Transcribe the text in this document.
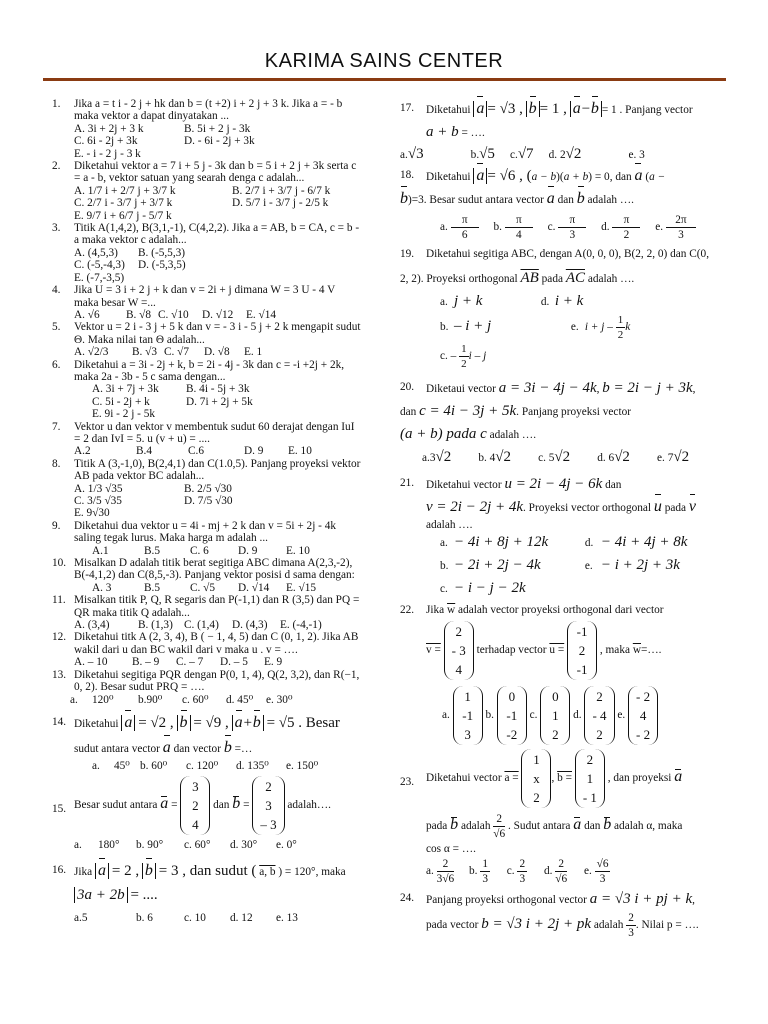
KARIMA SAINS CENTER
1. Jika a = t i - 2 j + hk dan b = (t +2) i + 2 j + 3 k. Jika a = - b
maka vektor a dapat dinyatakan ...
A. 3i + 2j + 3 k	B. 5i + 2 j - 3k
C. 6i - 2j + 3k	D. - 6i - 2j + 3k
E. - i - 2 j - 3 k
2. Diketahui vektor a = 7 i + 5 j - 3k dan b = 5 i + 2 j + 3k serta c
= a - b, vektor satuan yang searah denga c adalah...
A. 1/7 i + 2/7 j + 3/7 k	B. 2/7 i + 3/7 j - 6/7 k
C. 2/7 i - 3/7 j + 3/7 k	D. 5/7 i - 3/7 j - 2/5 k
E. 9/7 i + 6/7 j - 5/7 k
3. Titik A(1,4,2), B(3,1,-1), C(4,2,2). Jika a = AB, b = CA, c = b -
a maka vektor c adalah...
A. (4,5,3) B. (-5,5,3)
C. (-5,-4,3) D. (-5,3,5)
E. (-7,-3,5)
4. Jika U = 3 i + 2 j + k dan v = 2i + j dimana W = 3 U - 4 V
maka besar W =...
A. √6 B. √8 C. √10 D. √12 E. √14
5. Vektor u = 2 i - 3 j + 5 k dan v = - 3 i - 5 j + 2 k mengapit sudut
Θ. Maka nilai tan Θ adalah...
A. √2/3 B. √3 C. √7 D. √8 E. 1
6. Diketahui a = 3i - 2j + k, b = 2i - 4j - 3k dan c = -i +2j + 2k,
maka 2a - 3b - 5 c sama dengan...
A. 3i + 7j + 3k B. 4i - 5j + 3k
C. 5i - 2j + k	D. 7i + 2j + 5k
E. 9i - 2 j - 5k
7. Vektor u dan vektor v membentuk sudut 60 derajat dengan IuI
= 2 dan IvI = 5. u (v + u) = ....
A.2	B.4	C.6	D. 9 E. 10
8. Titik A (3,-1,0), B(2,4,1) dan C(1.0,5). Panjang proyeksi vektor
AB pada vektor BC adalah...
A. 1/3 √35	B. 2/5 √30
C. 3/5 √35	D. 7/5 √30
E. 9√30
9. Diketahui dua vektor u = 4i - mj + 2 k dan v = 5i + 2j - 4k
saling tegak lurus. Maka harga m adalah ...
A.1	B.5	C. 6	D. 9	E. 10
10. Misalkan D adalah titik berat segitiga ABC dimana A(2,3,-2),
B(-4,1,2) dan C(8,5,-3). Panjang vektor posisi d sama dengan:
A. 3	B.5	C. √5 D. √14 E. √15
11. Misalkan titik P, Q, R segaris dan P(-1,1) dan R (3,5) dan PQ =
QR maka titik Q adalah...
A. (3,4)	B. (1,3) C. (1,4) D. (4,3) E. (-4,-1)
12. Diketahui titk A (2, 3, 4), B ( − 1, 4, 5) dan C (0, 1, 2). Jika AB
wakil dari u dan BC wakil dari v maka u . v = ….
A. – 10 B. – 9 C. – 7 D. – 5 E. 9
13. Diketahui segitiga PQR dengan P(0, 1, 4), Q(2, 3,2), dan R(−1,
0, 2). Besar sudut PRQ = ….
a. 120⁰ b.90⁰ c. 60⁰ d. 45⁰ e. 30⁰
14. Diketahui a = √2 , b = √9 , a+b = √5 . Besar
sudut antara vector a dan vector b =…
a. 45⁰ b. 60⁰ c. 120⁰ d. 135⁰ e. 150⁰
15. Besar sudut antara a =
3
2
4
dan b =
2
3
– 3
adalah….
a. 180° b. 90° c. 60° d. 30° e. 0°
16. Jika a = 2 , b = 3 , dan sudut ( a, b ) = 120°, maka
3a + 2b = ....
a.5	b. 6	c. 10 d. 12 e. 13
17. Diketahui a = √3 , b = 1 , a−b = 1 . Panjang vector
a + b = ….
a.√3	b.√5 c.√7 d. 2√2	e. 3
18. Diketahui a = √6 , (a − b)(a + b) = 0, dan a (a −
b)=3. Besar sudut antara vector a dan b adalah ….
a. $\frac{\pi}{6} b$. $\frac{\pi}{4} c$. $\frac{\pi}{3} d$. $\frac{\pi}{2} e$. $\frac{2\pi}{3}$
19. Diketahui segitiga ABC, dengan A(0, 0, 0), B(2, 2, 0) dan C(0,
2, 2). Proyeksi orthogonal $\overline{AB}$ pada $\overline{AC}$ adalah ….
a. j + k	d. i + k
b. – i + j	e. $i + j - \frac{1}{2}$ k
c. – $\frac{1}{2}$ i – j
20. Diketaui vector a = 3i − 4j − 4k, b = 2i − j + 3k,
dan c = 4i − 3j + 5k. Panjang proyeksi vector
(a + b) pada c adalah ….
a.3√2 b. 4√2 c. 5√2 d. 6√2 e. 7√2
21. Diketahui vector u = 2i − 4j − 6k dan
v = 2i − 2j + 4k. Proyeksi vector orthogonal u pada v
adalah ….
a. − 4i + 8j + 12k	d. − 4i + 4j + 8k
b. − 2i + 2j − 4k	e. − i + 2j + 3k
c. − i − j − 2k
22. Jika $\overline{w}$ adalah vector proyeksi orthogonal dari vector
v =
2
- 3
4
terhadap vector u =
-1
2
-1
, maka $\overline{w}=\dots$.
a.
1
-1
3
b.
0
-1
-2
c.
0
1
2
d.
2
- 4
2
e.
- 2
4
- 2
23. Diketahui vector a =
1
x
2
, b =
2
1
- 1
, dan proyeksi a
pada b adalah $\frac{2}{√6}$ . Sudut antara a dan b adalah α, maka
cos α = ….
a. $\frac{2}{3√6} b$. $\frac{1}{3} c$. $\frac{2}{3} d$. $\frac{2}{√6} e$. $\frac{√6}{3}$
24. Panjang proyeksi orthogonal vector a = √3 i + pj + k,
pada vector b = √3 i + 2j + pk adalah $\frac{2}{3}$ . Nilai p = ….
